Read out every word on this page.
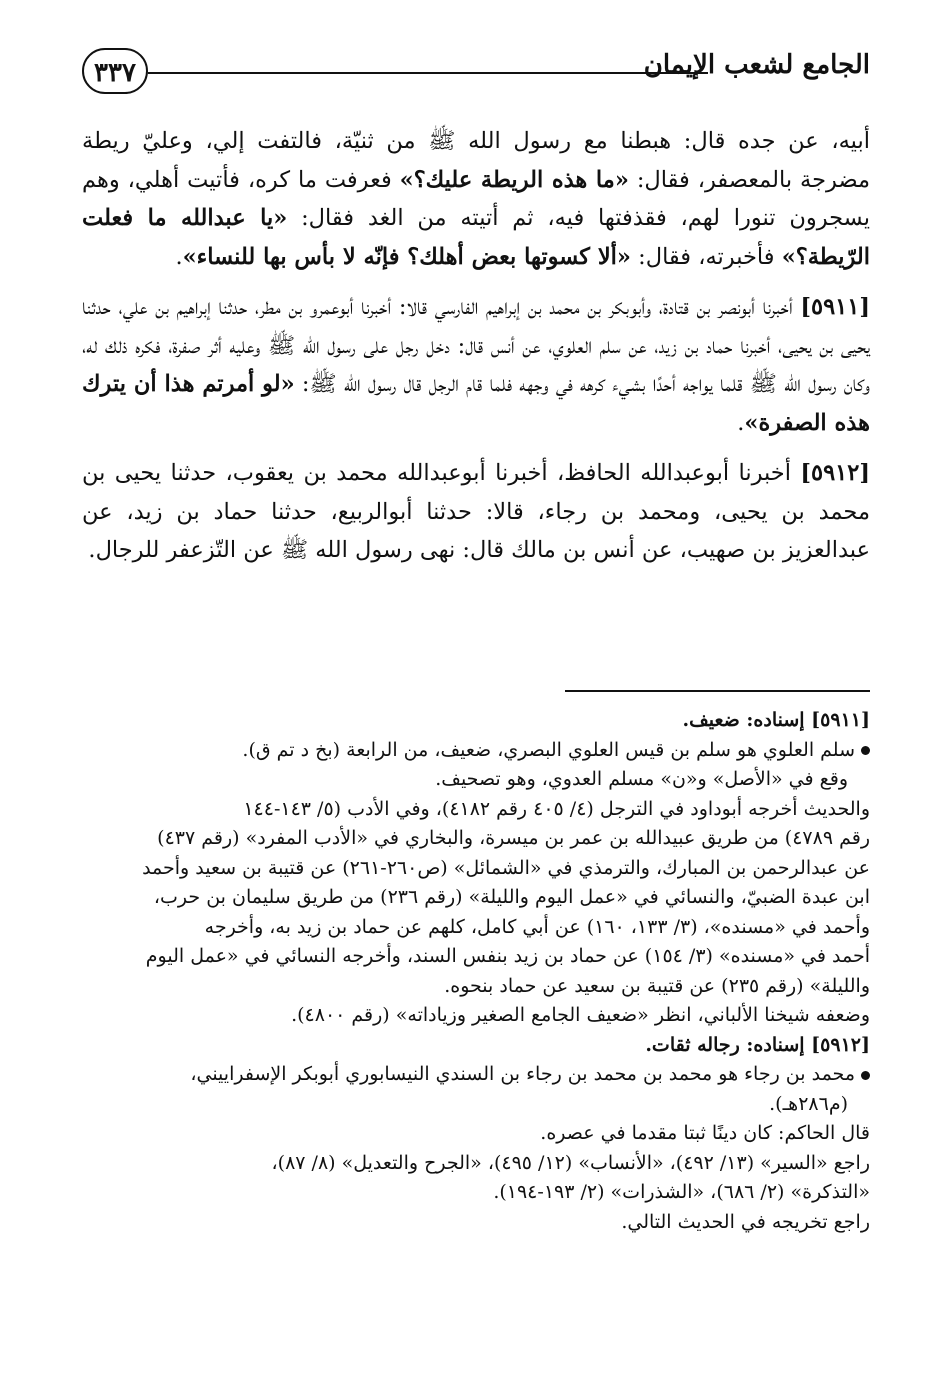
٣٣٧	الجامع لشعب الإيمان

أبيه، عن جده قال: هبطنا مع رسول الله ﷺ من ثنيّة، فالتفت إلي، وعليّ ريطة مضرجة بالمعصفر، فقال: «ما هذه الريطة عليك؟» فعرفت ما كره، فأتيت أهلي، وهم يسجرون تنورا لهم، فقذفتها فيه، ثم أتيته من الغد فقال: «يا عبدالله ما فعلت الرّيطة؟» فأخبرته، فقال: «ألا كسوتها بعض أهلك؟ فإنّه لا بأس بها للنساء».

[٥٩١١] أخبرنا أبونصر بن قتادة، وأبوبكر بن محمد بن إبراهيم الفارسي قالا: أخبرنا أبوعمرو بن مطر، حدثنا إبراهيم بن علي، حدثنا يحيى بن يحيى، أخبرنا حماد بن زيد، عن سلم العلوي، عن أنس قال: دخل رجل على رسول الله ﷺ وعليه أثر صفرة، فكره ذلك له، وكان رسول الله ﷺ قلما يواجه أحدًا بشيء كرهه في وجهه فلما قام الرجل قال رسول الله ﷺ: «لو أمرتم هذا أن يترك هذه الصفرة».

[٥٩١٢] أخبرنا أبوعبدالله الحافظ، أخبرنا أبوعبدالله محمد بن يعقوب، حدثنا يحيى بن محمد بن يحيى، ومحمد بن رجاء، قالا: حدثنا أبوالربيع، حدثنا حماد بن زيد، عن عبدالعزيز بن صهيب، عن أنس بن مالك قال: نهى رسول الله ﷺ عن التّزعفر للرجال.

[٥٩١١] إسناده: ضعيف.

سلم العلوي هو سلم بن قيس العلوي البصري، ضعيف، من الرابعة (بخ د تم ق).

وقع في «الأصل» و«ن» مسلم العدوي، وهو تصحيف.

والحديث أخرجه أبوداود في الترجل (٤/ ٤٠٥ رقم ٤١٨٢)، وفي الأدب (٥/ ١٤٣-١٤٤

رقم ٤٧٨٩) من طريق عبيدالله بن عمر بن ميسرة، والبخاري في «الأدب المفرد» (رقم ٤٣٧)

عن عبدالرحمن بن المبارك، والترمذي في «الشمائل» (ص٢٦٠-٢٦١) عن قتيبة بن سعيد وأحمد

ابن عبدة الضبيّ، والنسائي في «عمل اليوم والليلة» (رقم ٢٣٦) من طريق سليمان بن حرب،

وأحمد في «مسنده»، (٣/ ١٣٣، ١٦٠) عن أبي كامل، كلهم عن حماد بن زيد به، وأخرجه

أحمد في «مسنده» (٣/ ١٥٤) عن حماد بن زيد بنفس السند، وأخرجه النسائي في «عمل اليوم

والليلة» (رقم ٢٣٥) عن قتيبة بن سعيد عن حماد بنحوه.

وضعفه شيخنا الألباني، انظر «ضعيف الجامع الصغير وزياداته» (رقم ٤٨٠٠).

[٥٩١٢] إسناده: رجاله ثقات.

محمد بن رجاء هو محمد بن محمد بن رجاء بن السندي النيسابوري أبوبكر الإسفراييني،

(م٢٨٦هـ).

قال الحاكم: كان دينًا ثبتا مقدما في عصره.

راجع «السير» (١٣/ ٤٩٢)، «الأنساب» (١٢/ ٤٩٥)، «الجرح والتعديل» (٨/ ٨٧)،

«التذكرة» (٢/ ٦٨٦)، «الشذرات» (٢/ ١٩٣-١٩٤).

راجع تخريجه في الحديث التالي.
